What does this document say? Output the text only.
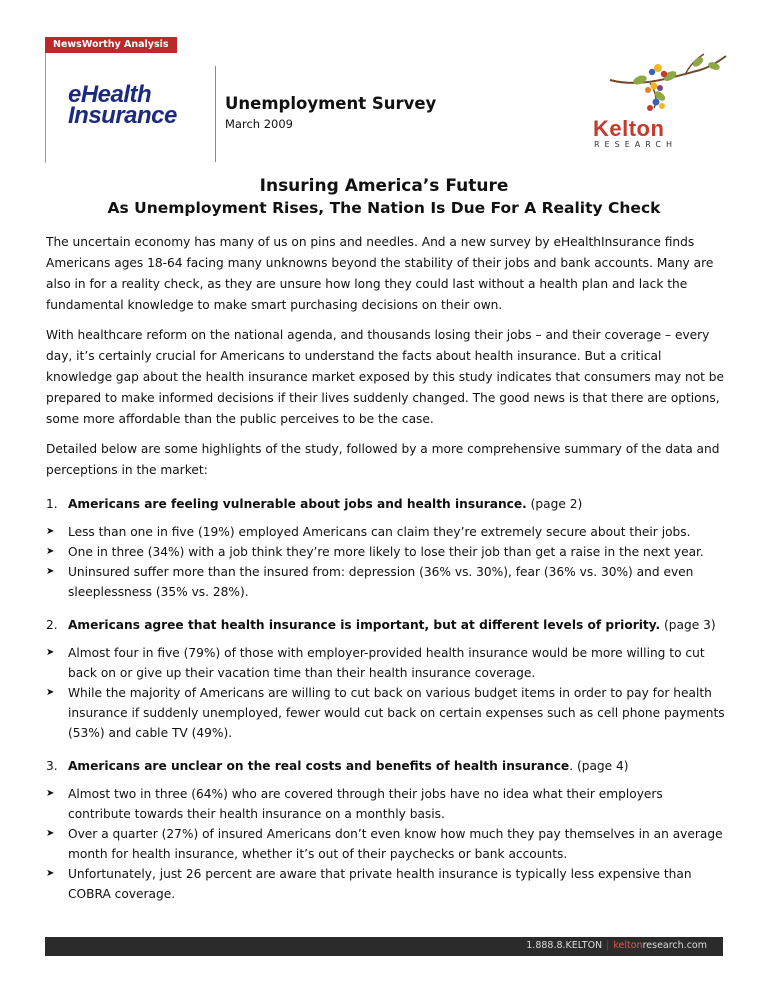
NewsWorthy Analysis
eHealth
Insurance	Unemployment Survey
March 2009	Kelton
RESEARCH
Insuring America’s Future
As Unemployment Rises, The Nation Is Due For A Reality Check

The uncertain economy has many of us on pins and needles. And a new survey by eHealthInsurance finds Americans ages 18-64 facing many unknowns beyond the stability of their jobs and bank accounts. Many are also in for a reality check, as they are unsure how long they could last without a health plan and lack the fundamental knowledge to make smart purchasing decisions on their own.

With healthcare reform on the national agenda, and thousands losing their jobs – and their coverage – every day, it’s certainly crucial for Americans to understand the facts about health insurance. But a critical knowledge gap about the health insurance market exposed by this study indicates that consumers may not be prepared to make informed decisions if their lives suddenly changed. The good news is that there are options, some more affordable than the public perceives to be the case.

Detailed below are some highlights of the study, followed by a more comprehensive summary of the data and perceptions in the market:

1. Americans are feeling vulnerable about jobs and health insurance. (page 2)
➤ Less than one in five (19%) employed Americans can claim they’re extremely secure about their jobs.
➤ One in three (34%) with a job think they’re more likely to lose their job than get a raise in the next year.
➤ Uninsured suffer more than the insured from: depression (36% vs. 30%), fear (36% vs. 30%) and even sleeplessness (35% vs. 28%).
2. Americans agree that health insurance is important, but at different levels of priority. (page 3)
➤ Almost four in five (79%) of those with employer-provided health insurance would be more willing to cut back on or give up their vacation time than their health insurance coverage.
➤ While the majority of Americans are willing to cut back on various budget items in order to pay for health insurance if suddenly unemployed, fewer would cut back on certain expenses such as cell phone payments (53%) and cable TV (49%).
3. Americans are unclear on the real costs and benefits of health insurance. (page 4)
➤ Almost two in three (64%) who are covered through their jobs have no idea what their employers contribute towards their health insurance on a monthly basis.
➤ Over a quarter (27%) of insured Americans don’t even know how much they pay themselves in an average month for health insurance, whether it’s out of their paychecks or bank accounts.
➤ Unfortunately, just 26 percent are aware that private health insurance is typically less expensive than COBRA coverage.
1.888.8.KELTON | keltonresearch.com
